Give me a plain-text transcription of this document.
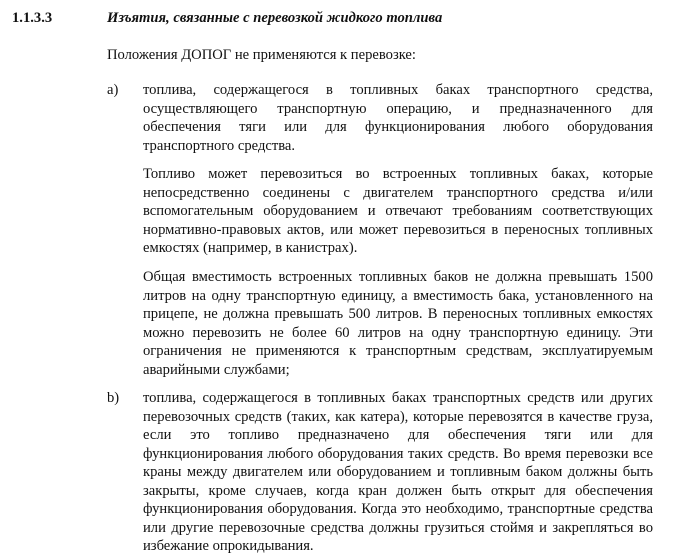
1.1.3.3	Изъятия, связанные с перевозкой жидкого топлива
Положения ДОПОГ не применяются к перевозке:
a) топлива, содержащегося в топливных баках транспортного средства, осуществляющего транспортную операцию, и предназначенного для обеспечения тяги или для функционирования любого оборудования транспортного средства.
Топливо может перевозиться во встроенных топливных баках, которые непосредственно соединены с двигателем транспортного средства и/или вспомогательным оборудованием и отвечают требованиям соответствующих нормативно-правовых актов, или может перевозиться в переносных топливных емкостях (например, в канистрах).
Общая вместимость встроенных топливных баков не должна превышать 1500 литров на одну транспортную единицу, а вместимость бака, установленного на прицепе, не должна превышать 500 литров. В переносных топливных емкостях можно перевозить не более 60 литров на одну транспортную единицу. Эти ограничения не применяются к транспортным средствам, эксплуатируемым аварийными службами;
b) топлива, содержащегося в топливных баках транспортных средств или других перевозочных средств (таких, как катера), которые перевозятся в качестве груза, если это топливо предназначено для обеспечения тяги или для функционирования любого оборудования таких средств. Во время перевозки все краны между двигателем или оборудованием и топливным баком должны быть закрыты, кроме случаев, когда кран должен быть открыт для обеспечения функционирования оборудования. Когда это необходимо, транспортные средства или другие перевозочные средства должны грузиться стоймя и закрепляться во избежание опрокидывания.
